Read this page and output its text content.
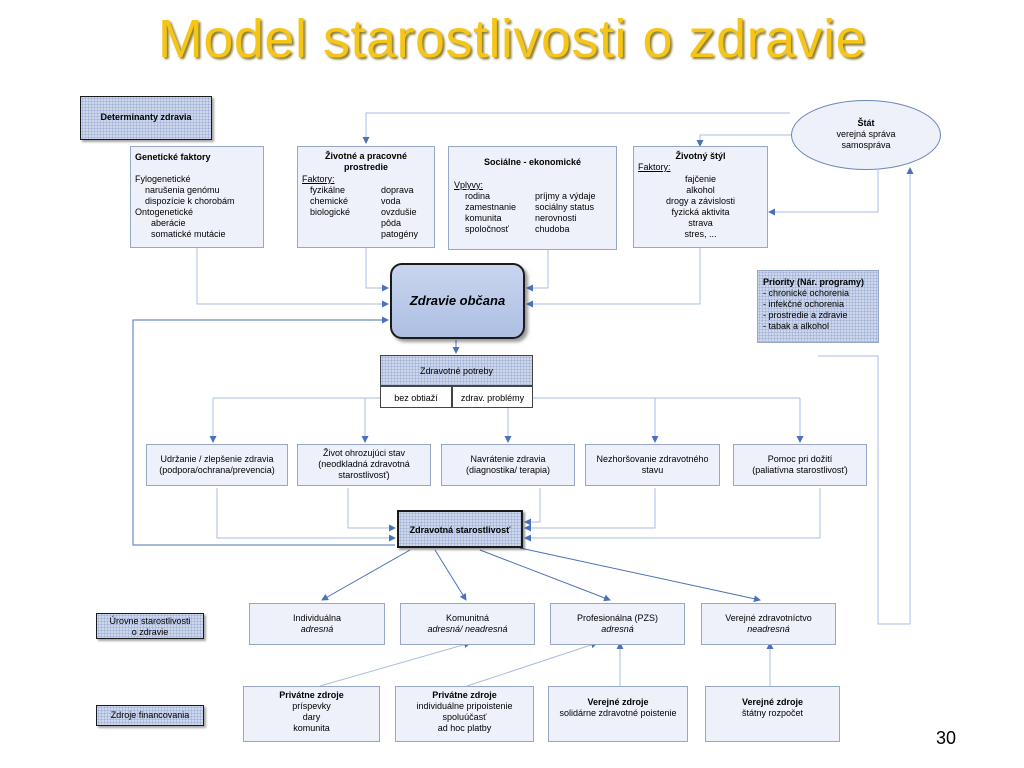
Model starostlivosti o zdravie
Determinanty zdravia
Úrovne starostlivosti
o zdravie
Zdroje financovania
Štát
verejná správa
samospráva
Genetické faktory
Fylogenetické
narušenia genómu
dispozície k chorobám
Ontogenetické
aberácie
somatické mutácie
Životné a pracovné
prostredie
Faktory:
fyzikálne
chemické
biologické
doprava
voda
ovzdušie
pôda
patogény
Sociálne - ekonomické
Vplyvy:
rodina
zamestnanie
komunita
spoločnosť
príjmy a výdaje
sociálny status
nerovnosti
chudoba
Životný štýl
Faktory:
fajčenie
alkohol
drogy a závislosti
fyzická aktivita
strava
stres, ...
Zdravie občana
Priority (Nár. programy)
- chronické ochorenia
- infekčné ochorenia
- prostredie a zdravie
- tabak a alkohol
Zdravotné potreby
bez obtiaží	zdrav. problémy
Udržanie / zlepšenie zdravia
(podpora/ochrana/prevencia)
Život ohrozujúci stav
(neodkladná zdravotná
starostlivosť)
Navrátenie zdravia
(diagnostika/ terapia)
Nezhoršovanie zdravotného
stavu
Pomoc pri dožití
(paliatívna starostlivosť)
Zdravotná starostlivosť
Individuálna
adresná
Komunitná
adresná/ neadresná
Profesionálna (PZS)
adresná
Verejné zdravotníctvo
neadresná
Privátne zdroje
príspevky
dary
komunita
Privátne zdroje
individuálne pripoistenie
spoluúčasť
ad hoc platby
Verejné zdroje
solidárne zdravotné poistenie
Verejné zdroje
štátny rozpočet
30
